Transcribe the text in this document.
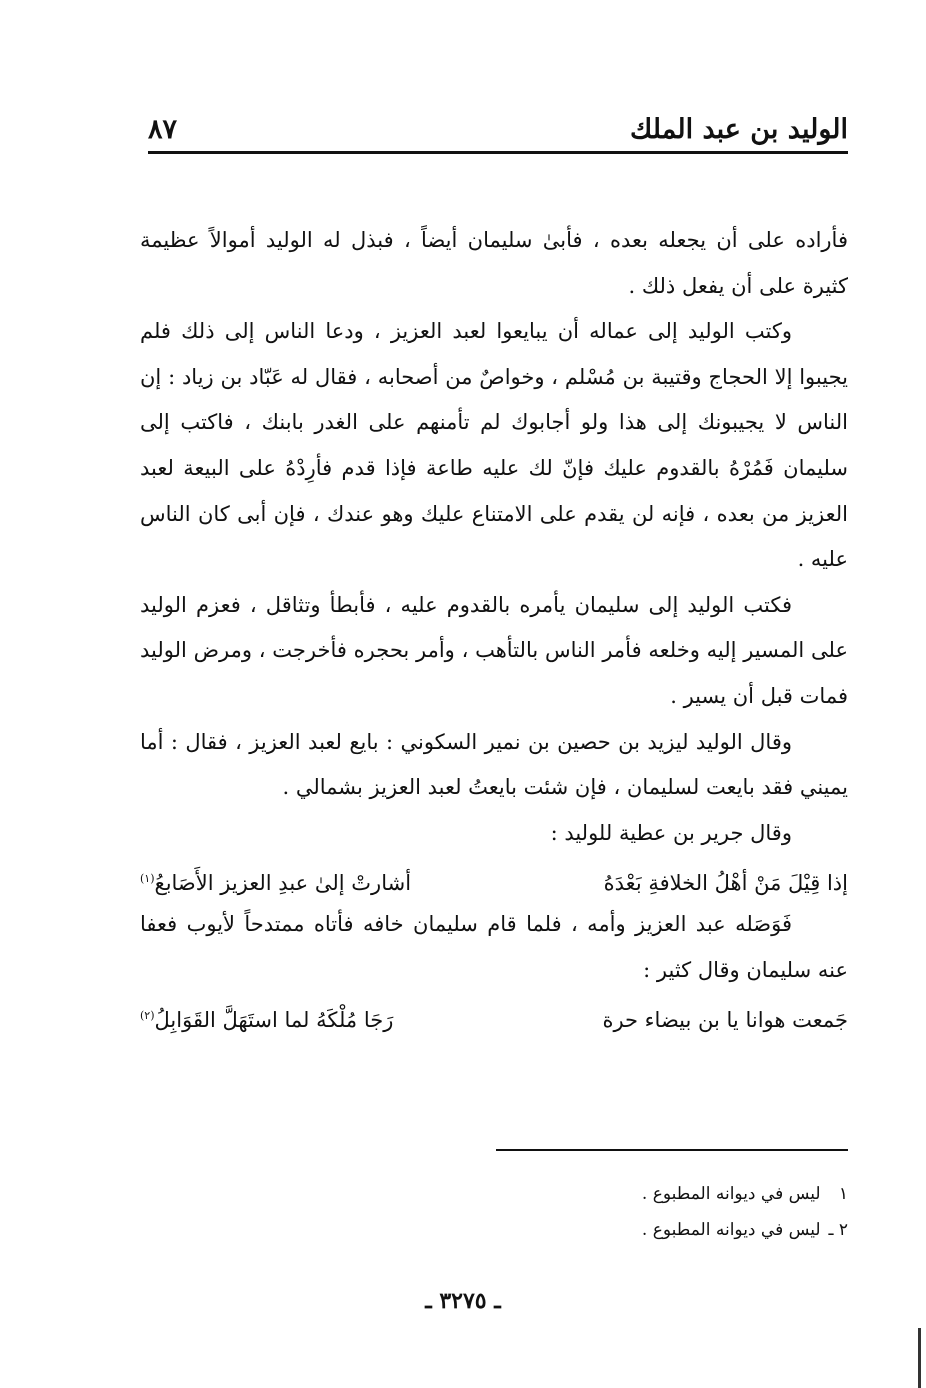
الوليد بن عبد الملك
٨٧

فأراده على أن يجعله بعده ، فأبىٰ سليمان أيضاً ، فبذل له الوليد أموالاً عظيمة كثيرة على أن يفعل ذلك .

وكتب الوليد إلى عماله أن يبايعوا لعبد العزيز ، ودعا الناس إلى ذلك فلم يجيبوا إلا الحجاج وقتيبة بن مُسْلم ، وخواصٌ من أصحابه ، فقال له عَبّاد بن زياد : إن الناس لا يجيبونك إلى هذا ولو أجابوك لم تأمنهم على الغدر بابنك ، فاكتب إلى سليمان فَمُرْهُ بالقدوم عليك فإنّ لك عليه طاعة فإذا قدم فأرِدْهُ على البيعة لعبد العزيز من بعده ، فإنه لن يقدم على الامتناع عليك وهو عندك ، فإن أبى كان الناس عليه .

فكتب الوليد إلى سليمان يأمره بالقدوم عليه ، فأبطأ وتثاقل ، فعزم الوليد على المسير إليه وخلعه فأمر الناس بالتأهب ، وأمر بحجره فأخرجت ، ومرض الوليد فمات قبل أن يسير .

وقال الوليد ليزيد بن حصين بن نمير السكوني : بايع لعبد العزيز ، فقال : أما يميني فقد بايعت لسليمان ، فإن شئت بايعتُ لعبد العزيز بشمالي .

وقال جرير بن عطية للوليد :

إذا قِيْلَ مَنْ أهْلُ الخلافةِ بَعْدَهُ
أشارتْ إلىٰ عبدِ العزيز الأَصَابعُ$^{(١)}$

فَوَصَله عبد العزيز وأمه ، فلما قام سليمان خافه فأتاه ممتدحاً لأيوب فعفا عنه سليمان وقال كثير :

جَمعت هوانا يا بن بيضاء حرة
رَجَا مُلْكَهُ لما استَهَلَّ القَوَابِلُ$^{(٢)}$
١ ليس في ديوانه المطبوع .
٢ ـ ليس في ديوانه المطبوع .
ـ ٣٢٧٥ ـ
